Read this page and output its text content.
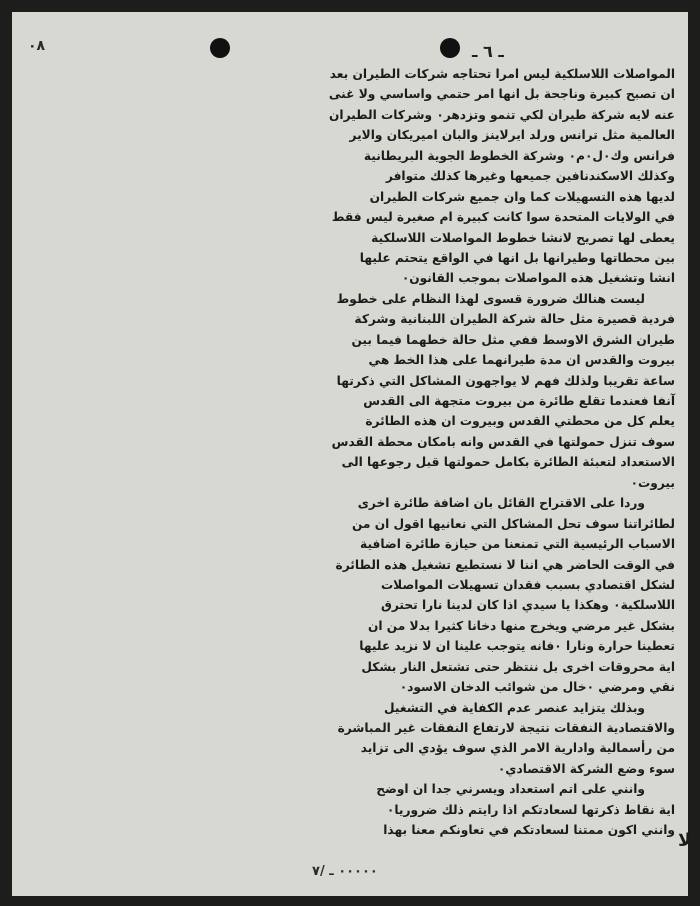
٠٨	ـ ٦ ـ
المواصلات اللاسلكية ليس امرا تحتاجه شركات الطيران بعد
ان تصبح كبيرة وناجحة بل انها امر حتمي واساسي ولا غنى
عنه لايه شركة طيران لكي تنمو وتزدهر٠ وشركات الطيران
العالمية مثل ترانس ورلد ايرلاينز والبان اميريكان والاير
فرانس وك٠ل٠م٠ وشركة الخطوط الجوية البريطانية
وكذلك الاسكندنافين جميعها وغيرها كذلك متوافر
لديها هذه التسهيلات كما وان جميع شركات الطيران
في الولايات المتحدة سوا كانت كبيرة ام صغيرة ليس فقط
يعطى لها تصريح لانشا خطوط المواصلات اللاسلكية
بين محطاتها وطيرانها بل انها في الواقع يتحتم عليها
انشا وتشغيل هذه المواصلات بموجب القانون٠
ليست هنالك ضرورة قسوى لهذا النظام على خطوط
فردية قصيرة مثل حالة شركة الطيران اللبنانية وشركة
طيران الشرق الاوسط ففي مثل حالة خطهما فيما بين
بيروت والقدس ان مدة طيرانهما على هذا الخط هي
ساعة تقريبا ولذلك فهم لا يواجهون المشاكل التي ذكرتها
آنفا فعندما تقلع طائرة من بيروت متجهة الى القدس
يعلم كل من محطتي القدس وبيروت ان هذه الطائرة
سوف تنزل حمولتها في القدس وانه بامكان محطة القدس
الاستعداد لتعبئة الطائرة بكامل حمولتها قبل رجوعها الى
بيروت٠
وردا على الاقتراح القائل بان اضافة طائرة اخرى
لطائراتنا سوف تحل المشاكل التي نعانيها اقول ان من
الاسباب الرئيسية التي تمنعنا من حيازة طائرة اضافية
في الوقت الحاضر هي اننا لا نستطيع تشغيل هذه الطائرة
لشكل اقتصادي بسبب فقدان تسهيلات المواصلات
اللاسلكية٠ وهكذا يا سيدي اذا كان لدينا نارا تحترق
بشكل غير مرضي ويخرج منها دخانا كثيرا بدلا من ان
تعطينا حرارة ونارا ٠فانه يتوجب علينا ان لا نزيد عليها
اية محروقات اخرى بل ننتظر حتى تشتعل النار بشكل
نقي ومرضي ٠خال من شوائب الدخان الاسود٠
وبذلك يتزايد عنصر عدم الكفاية في التشغيل
والاقتصادية النفقات نتيجة لارتفاع النفقات غير المباشرة
من رأسمالية وادارية الامر الذي سوف يؤدي الى تزايد
سوء وضع الشركة الاقتصادي٠
وانني على اتم استعداد ويسرني جدا ان اوضح
اية نقاط ذكرتها لسعادتكم اذا رايتم ذلك ضروريا٠
وانني اكون ممتنا لسعادتكم في تعاونكم معنا بهذا ﻻ
٠٠٠٠٠ ـ /٧
